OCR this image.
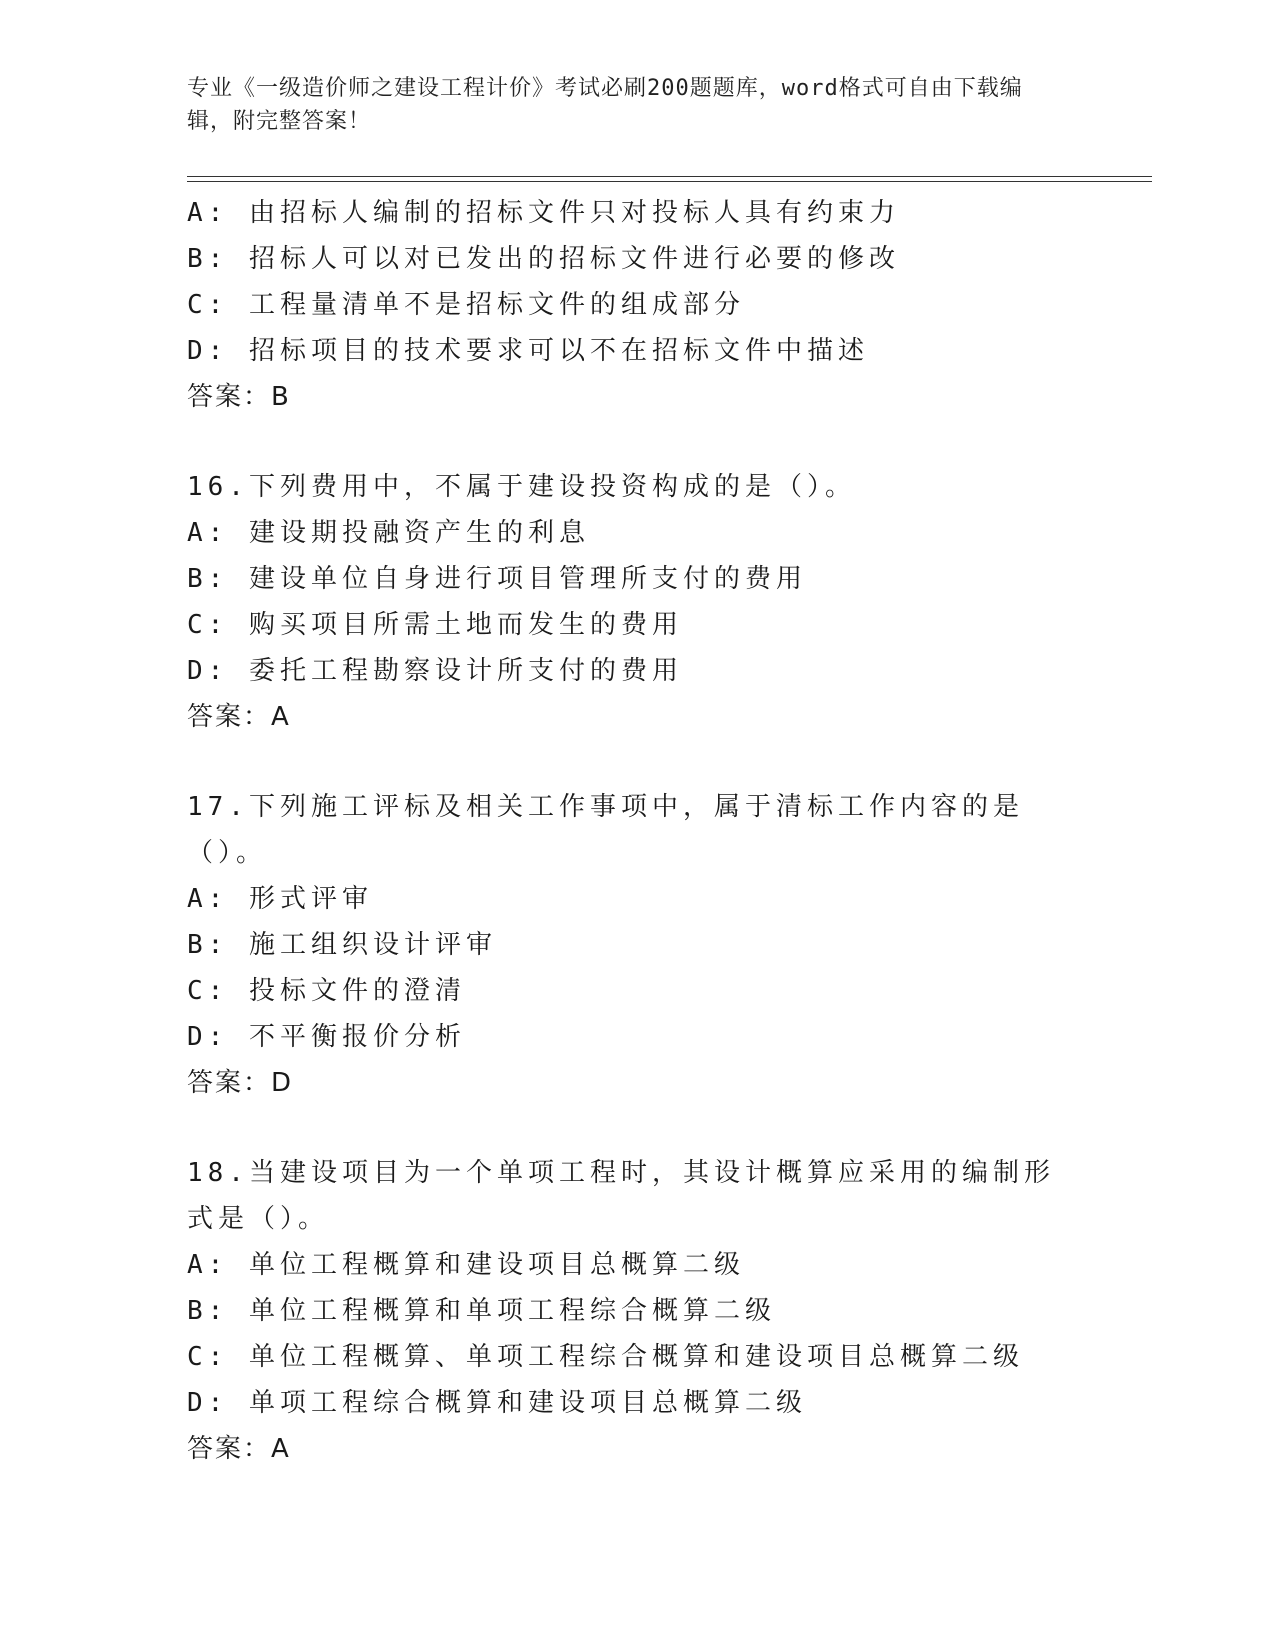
专业《一级造价师之建设工程计价》考试必刷200题题库，word格式可自由下载编辑，附完整答案！
A: 由招标人编制的招标文件只对投标人具有约束力
B: 招标人可以对已发出的招标文件进行必要的修改
C: 工程量清单不是招标文件的组成部分
D: 招标项目的技术要求可以不在招标文件中描述
答案：B
16.下列费用中，不属于建设投资构成的是（）。
A: 建设期投融资产生的利息
B: 建设单位自身进行项目管理所支付的费用
C: 购买项目所需土地而发生的费用
D: 委托工程勘察设计所支付的费用
答案：A
17.下列施工评标及相关工作事项中，属于清标工作内容的是（）。
A: 形式评审
B: 施工组织设计评审
C: 投标文件的澄清
D: 不平衡报价分析
答案：D
18.当建设项目为一个单项工程时，其设计概算应采用的编制形式是（）。
A: 单位工程概算和建设项目总概算二级
B: 单位工程概算和单项工程综合概算二级
C: 单位工程概算、单项工程综合概算和建设项目总概算二级
D: 单项工程综合概算和建设项目总概算二级
答案：A
